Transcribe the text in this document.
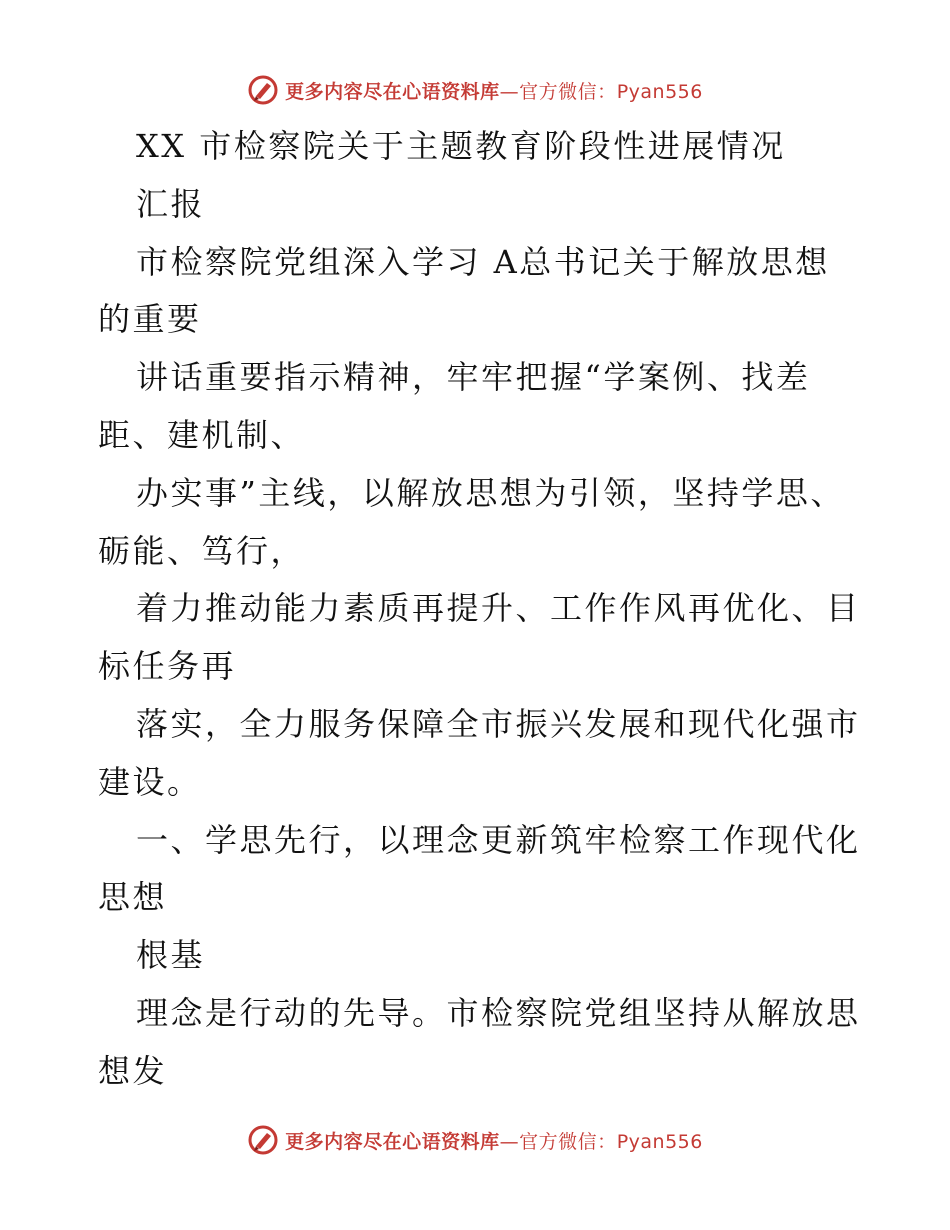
更多内容尽在心语资料库—官方微信：Pyan556
XX 市检察院关于主题教育阶段性进展情况
汇报
市检察院党组深入学习 A总书记关于解放思想
的重要
讲话重要指示精神，牢牢把握“学案例、找差
距、建机制、
办实事”主线，以解放思想为引领，坚持学思、
砺能、笃行，
着力推动能力素质再提升、工作作风再优化、目
标任务再
落实，全力服务保障全市振兴发展和现代化强市
建设。
一、学思先行，以理念更新筑牢检察工作现代化
思想
根基
理念是行动的先导。市检察院党组坚持从解放思
想发
更多内容尽在心语资料库—官方微信：Pyan556
